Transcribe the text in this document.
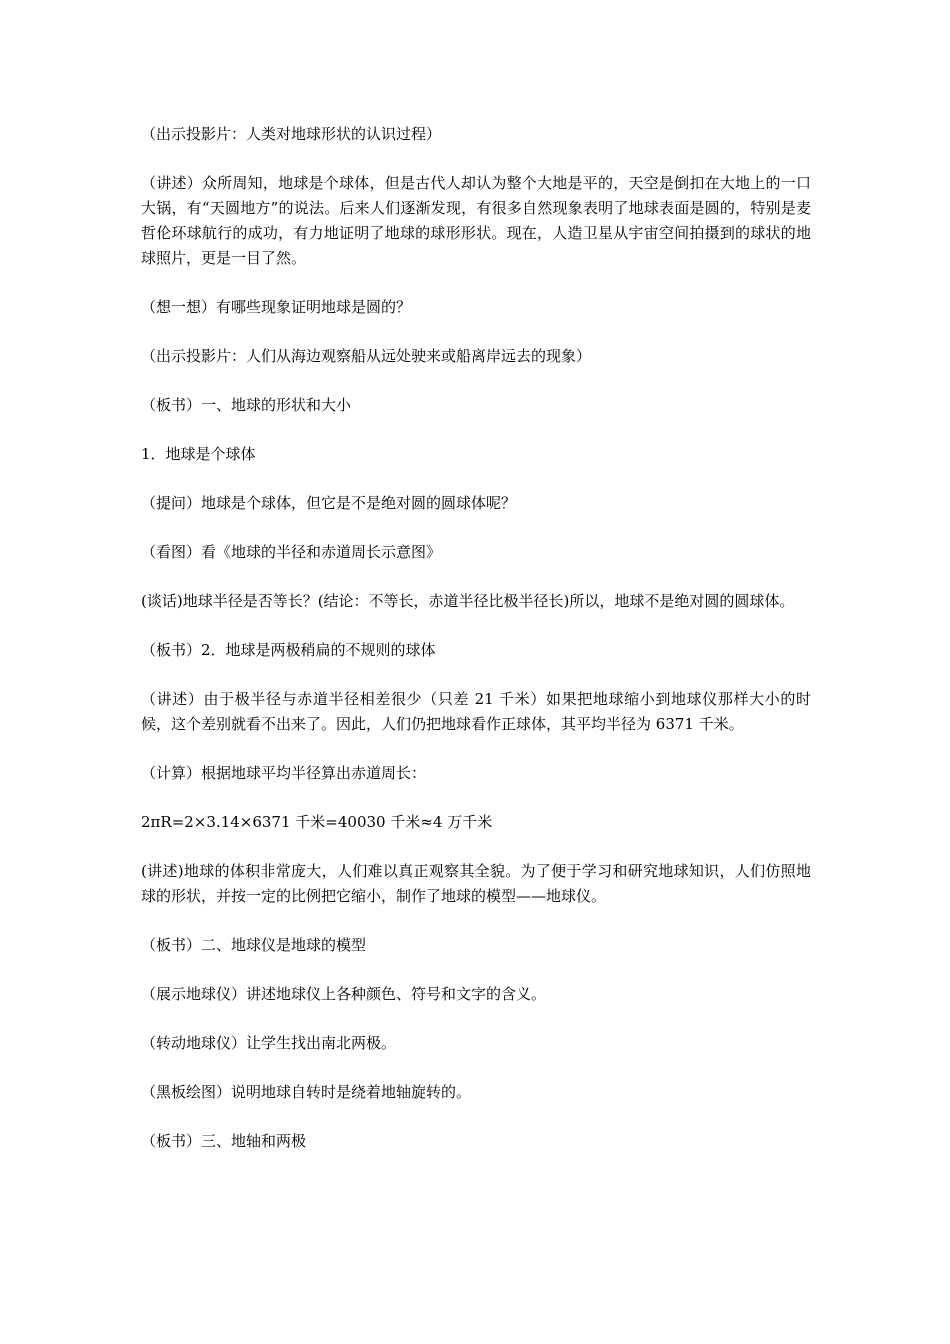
（出示投影片：人类对地球形状的认识过程）

（讲述）众所周知，地球是个球体，但是古代人却认为整个大地是平的，天空是倒扣在大地上的一口大锅，有“天圆地方”的说法。后来人们逐渐发现，有很多自然现象表明了地球表面是圆的，特别是麦哲伦环球航行的成功，有力地证明了地球的球形形状。现在，人造卫星从宇宙空间拍摄到的球状的地球照片，更是一目了然。

（想一想）有哪些现象证明地球是圆的？

（出示投影片：人们从海边观察船从远处驶来或船离岸远去的现象）

（板书）一、地球的形状和大小

1．地球是个球体

（提问）地球是个球体，但它是不是绝对圆的圆球体呢？

（看图）看《地球的半径和赤道周长示意图》

(谈话)地球半径是否等长？(结论：不等长，赤道半径比极半径长)所以，地球不是绝对圆的圆球体。

（板书）2．地球是两极稍扁的不规则的球体

（讲述）由于极半径与赤道半径相差很少（只差 21 千米）如果把地球缩小到地球仪那样大小的时候，这个差别就看不出来了。因此，人们仍把地球看作正球体，其平均半径为 6371 千米。

（计算）根据地球平均半径算出赤道周长：

2πR=2×3.14×6371 千米=40030 千米≈4 万千米

(讲述)地球的体积非常庞大，人们难以真正观察其全貌。为了便于学习和研究地球知识，人们仿照地球的形状，并按一定的比例把它缩小，制作了地球的模型——地球仪。

（板书）二、地球仪是地球的模型

（展示地球仪）讲述地球仪上各种颜色、符号和文字的含义。

（转动地球仪）让学生找出南北两极。

（黑板绘图）说明地球自转时是绕着地轴旋转的。

（板书）三、地轴和两极
